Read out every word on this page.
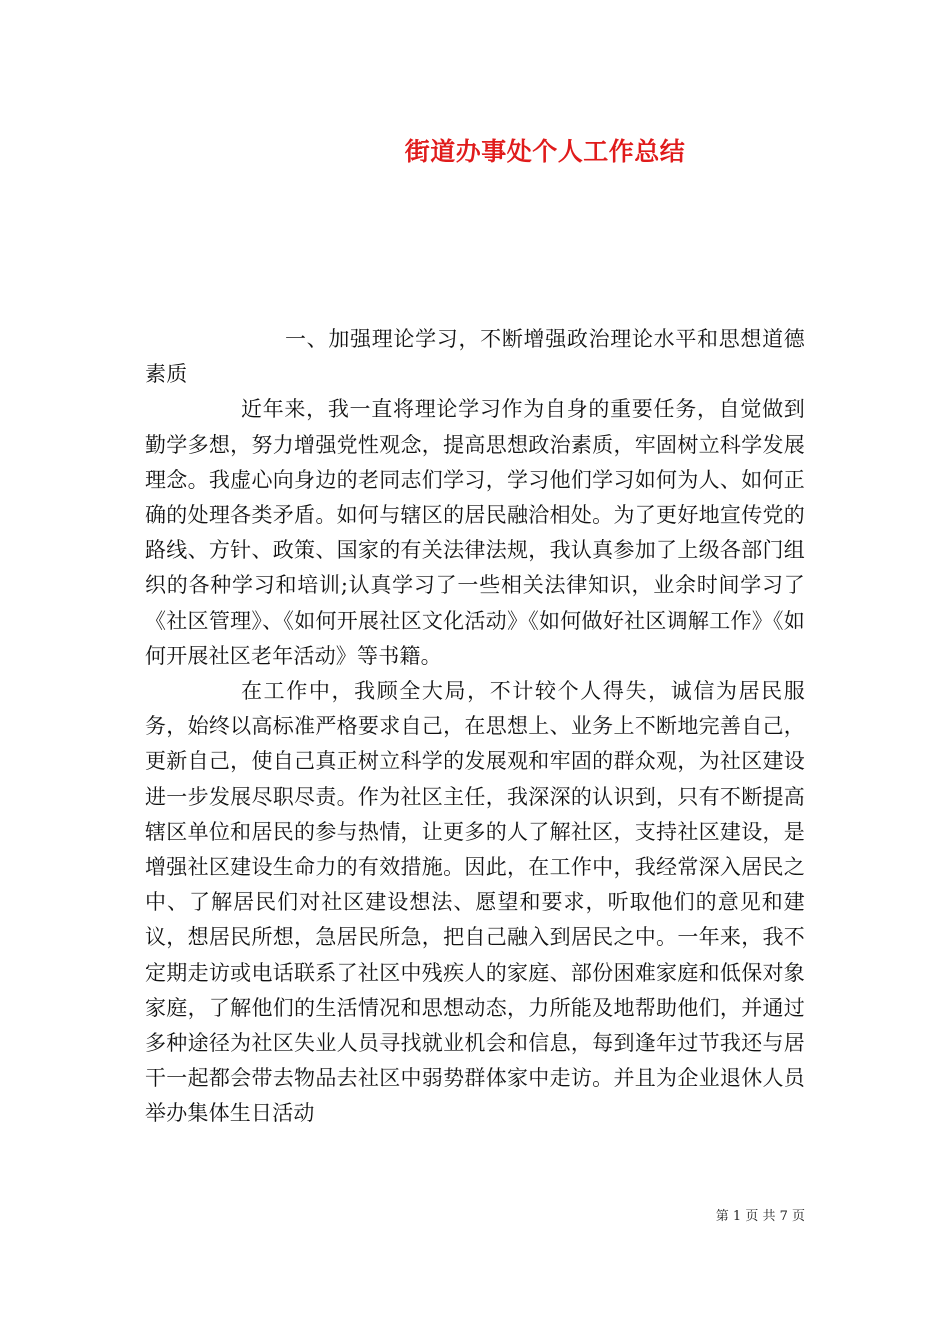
街道办事处个人工作总结

一、加强理论学习，不断增强政治理论水平和思想道德素质

近年来，我一直将理论学习作为自身的重要任务，自觉做到勤学多想，努力增强党性观念，提高思想政治素质，牢固树立科学发展理念。我虚心向身边的老同志们学习，学习他们学习如何为人、如何正确的处理各类矛盾。如何与辖区的居民融洽相处。为了更好地宣传党的路线、方针、政策、国家的有关法律法规，我认真参加了上级各部门组织的各种学习和培训;认真学习了一些相关法律知识，业余时间学习了《社区管理》、《如何开展社区文化活动》《如何做好社区调解工作》《如何开展社区老年活动》等书籍。

在工作中，我顾全大局，不计较个人得失，诚信为居民服务，始终以高标准严格要求自己，在思想上、业务上不断地完善自己，更新自己，使自己真正树立科学的发展观和牢固的群众观，为社区建设进一步发展尽职尽责。作为社区主任，我深深的认识到，只有不断提高辖区单位和居民的参与热情，让更多的人了解社区，支持社区建设，是增强社区建设生命力的有效措施。因此，在工作中，我经常深入居民之中、了解居民们对社区建设想法、愿望和要求，听取他们的意见和建议，想居民所想，急居民所急，把自己融入到居民之中。一年来，我不定期走访或电话联系了社区中残疾人的家庭、部份困难家庭和低保对象家庭，了解他们的生活情况和思想动态，力所能及地帮助他们，并通过多种途径为社区失业人员寻找就业机会和信息，每到逢年过节我还与居干一起都会带去物品去社区中弱势群体家中走访。并且为企业退休人员举办集体生日活动

第 1 页 共 7 页
